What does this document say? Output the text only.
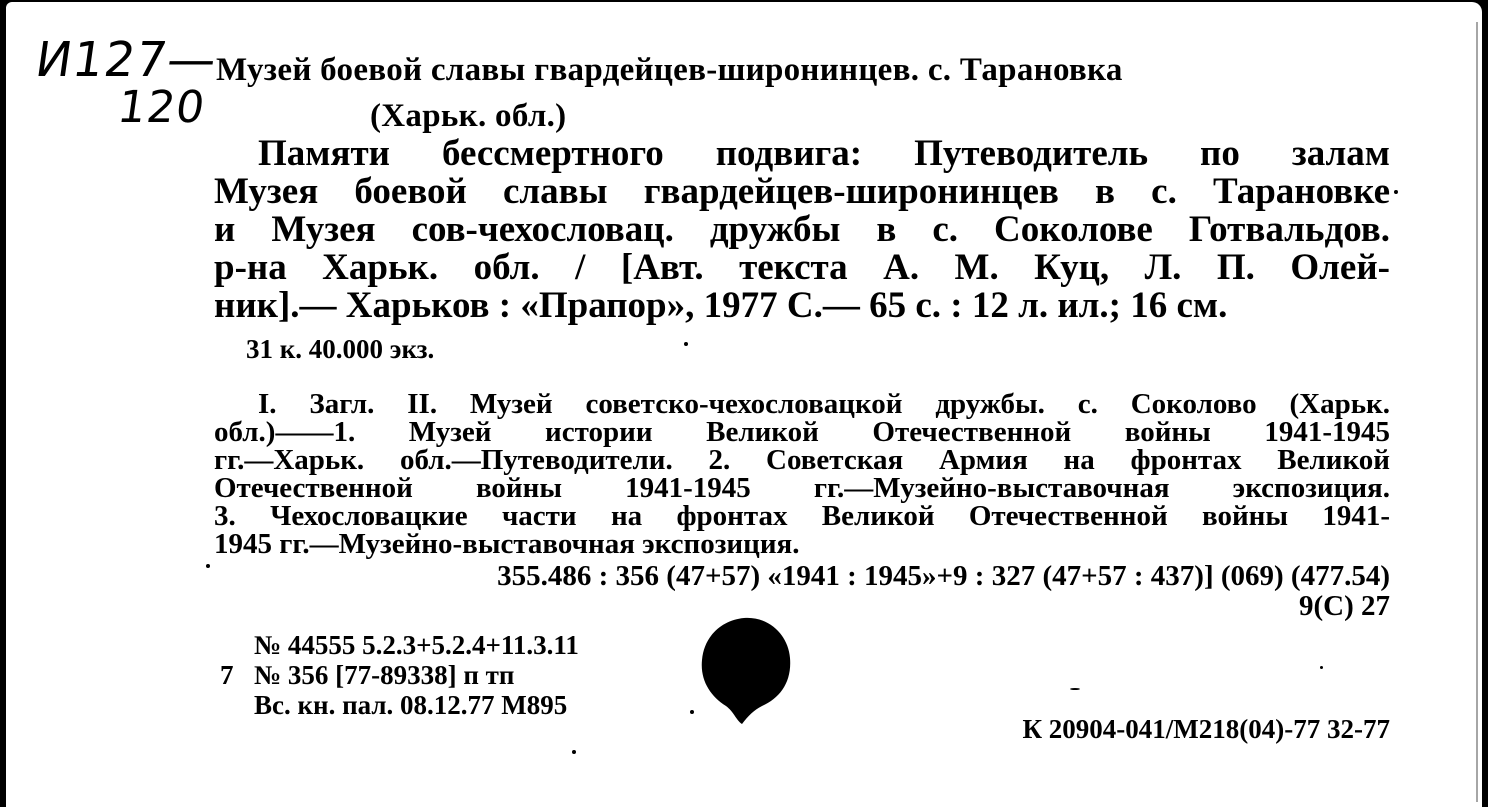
И127—
120
Музей боевой славы гвардейцев-широнинцев. с. Тарановка
(Харьк. обл.)
Памяти бессмертного подвига: Путеводитель по залам
Музея боевой славы гвардейцев-широнинцев в с. Тарановке
и Музея сов-чехословац. дружбы в с. Соколове Готвальдов.
р-на Харьк. обл. / [Авт. текста А. М. Куц, Л. П. Олей-
ник].— Харьков : «Прапор», 1977 С.— 65 с. : 12 л. ил.; 16 см.
31 к. 40.000 экз.
I. Загл. II. Музей советско-чехословацкой дружбы. с. Соколово (Харьк.
обл.)——1. Музей истории Великой Отечественной войны 1941-1945
гг.—Харьк. обл.—Путеводители. 2. Советская Армия на фронтах Великой
Отечественной войны 1941-1945 гг.—Музейно-выставочная экспозиция.
3. Чехословацкие части на фронтах Великой Отечественной войны 1941-
1945 гг.—Музейно-выставочная экспозиция.
355.486 : 356 (47+57) «1941 : 1945»+9 : 327 (47+57 : 437)] (069) (477.54)
9(С) 27
№ 44555 5.2.3+5.2.4+11.3.11
7 № 356 [77-89338] п тп
Вс. кн. пал. 08.12.77 М895
К 20904-041/М218(04)-77 32-77
